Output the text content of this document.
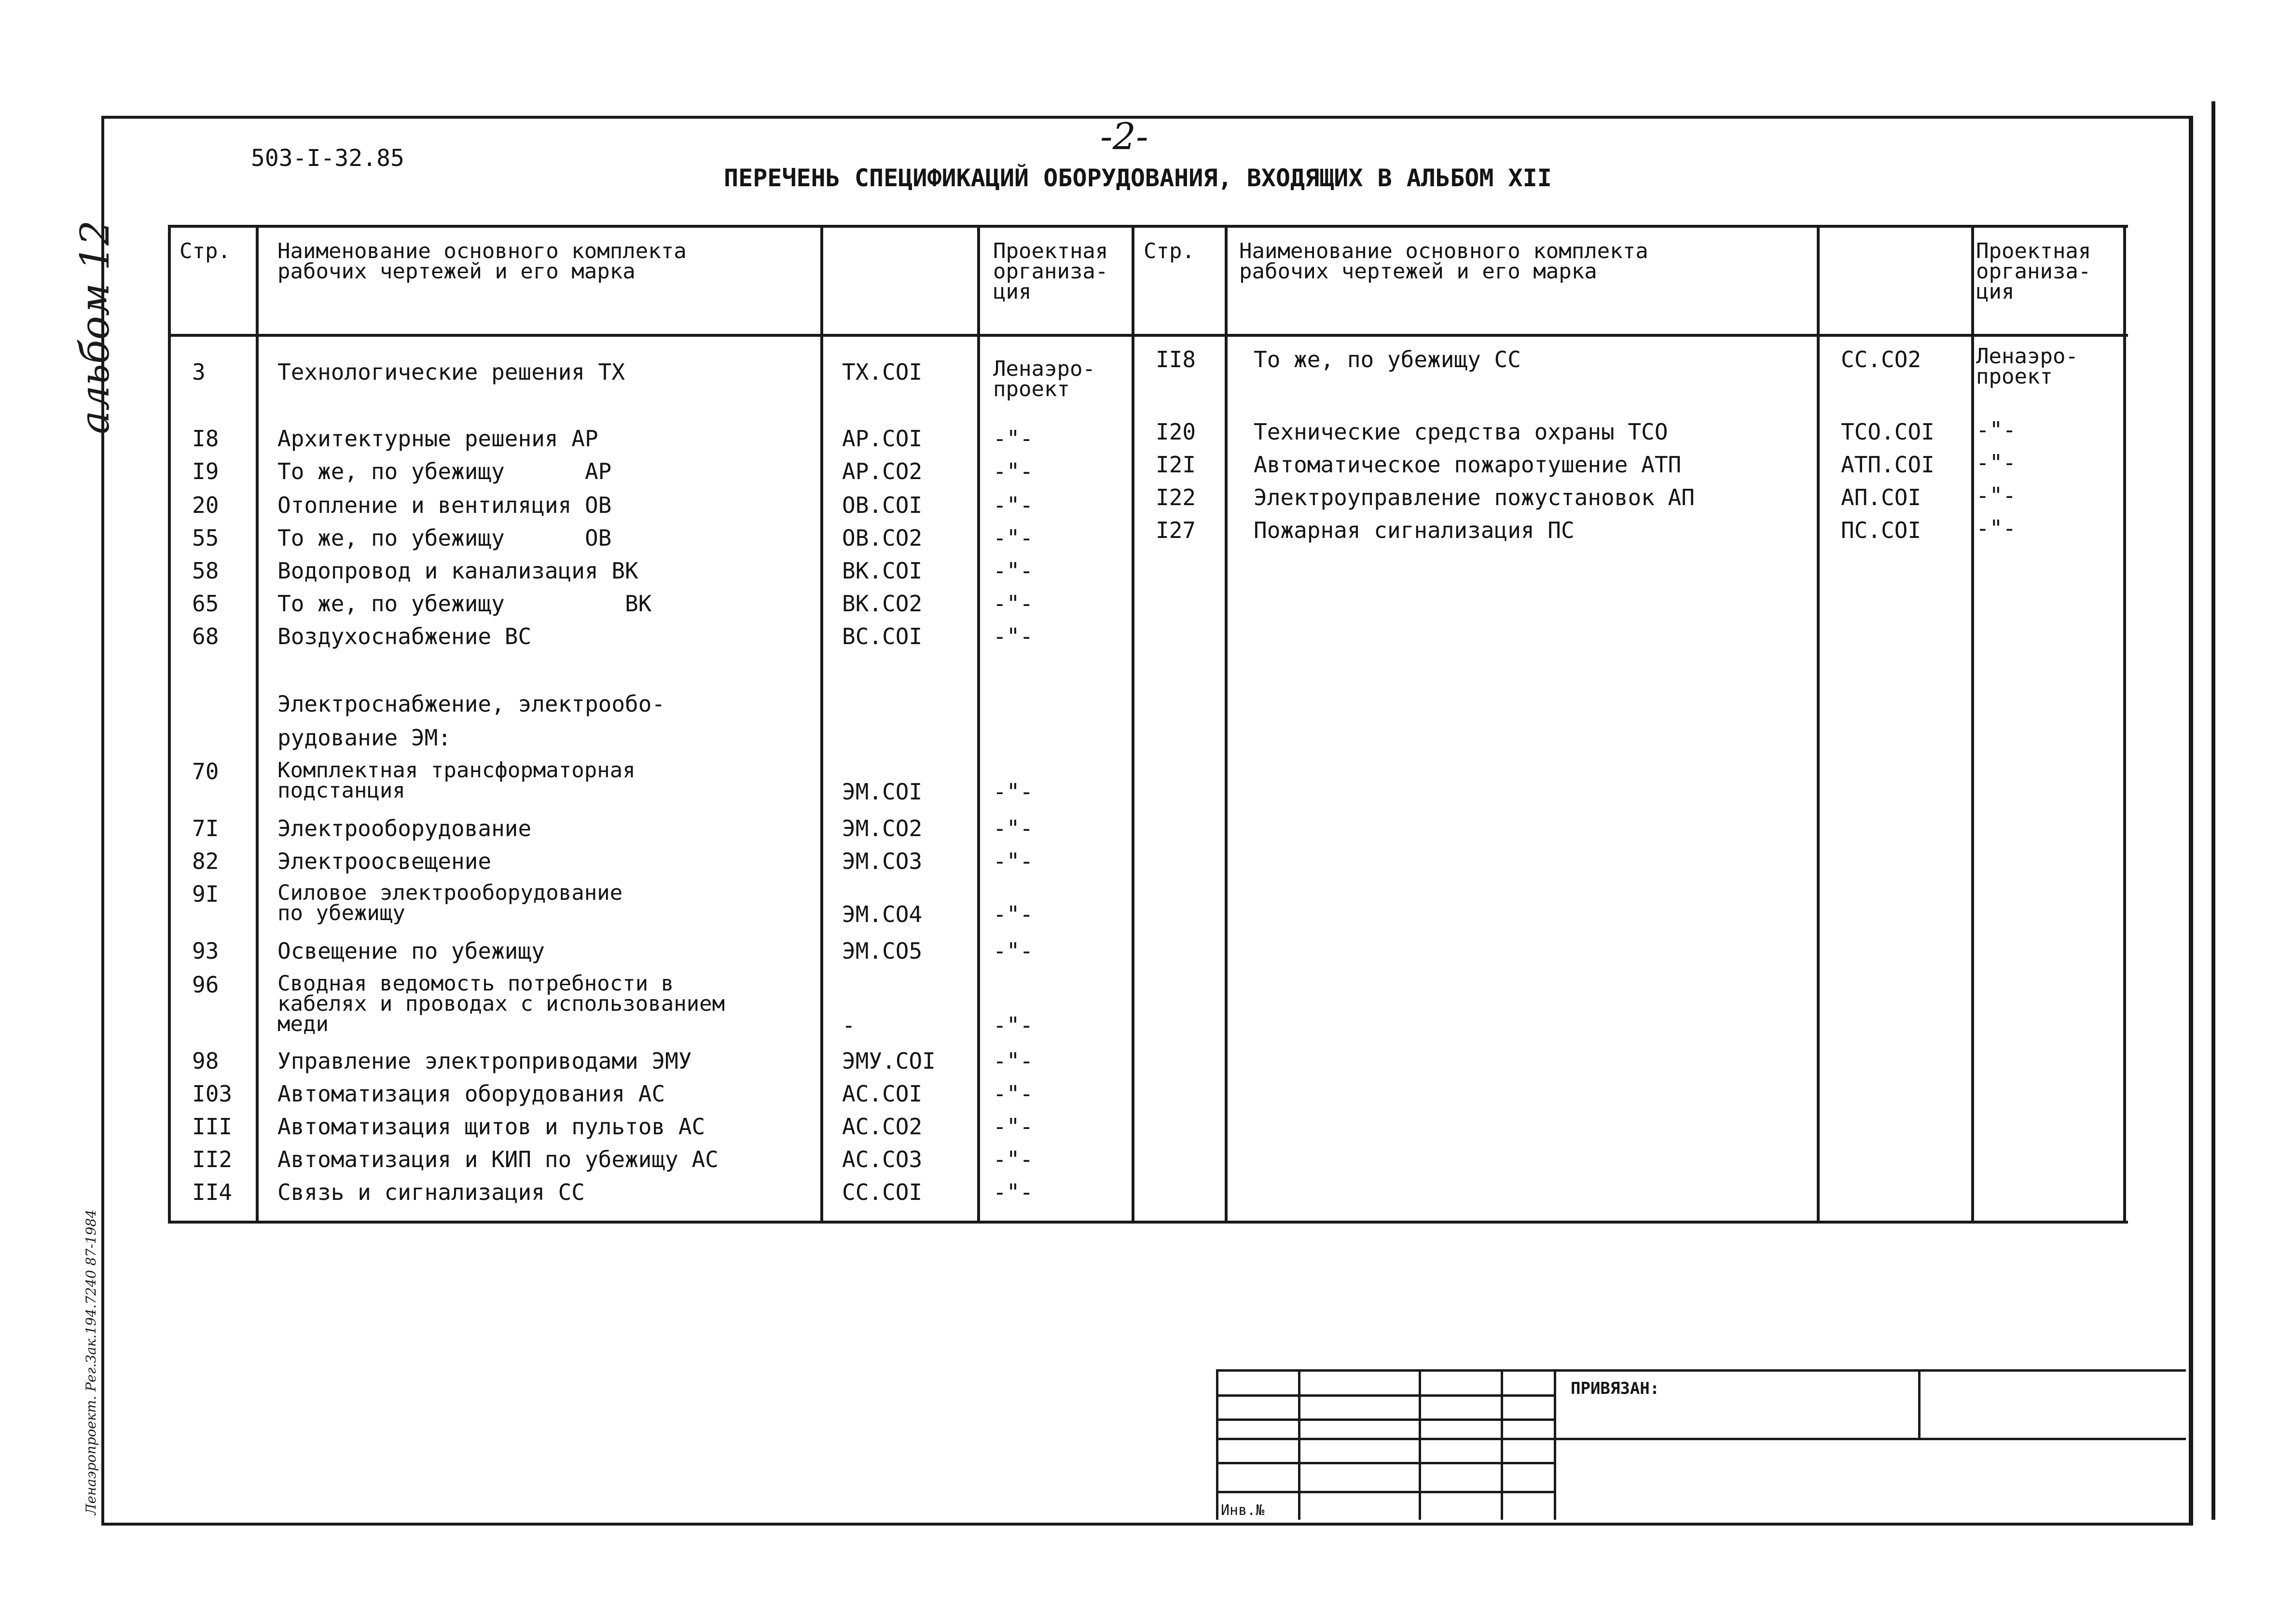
альбом 12
Ленаэропроект. Рег.Зак.194.7240 87-1984
503-I-32.85
-2-
ПЕРЕЧЕНЬ СПЕЦИФИКАЦИЙ ОБОРУДОВАНИЯ, ВХОДЯЩИХ В АЛЬБОМ XII
ПРИВЯЗАН:
Инв.№
Стр. Наименование основного комплекта
рабочих чертежей и его марка
Проектная
организа-
ция
Стр. Наименование основного комплекта
рабочих чертежей и его марка
Проектная
организа-
ция
3	Технологические решения ТХ	ТХ.СОI	Ленаэро-
проект
I8	Архитектурные решения АР	АР.СОI	-"-
I9	То же, по убежищу      АР	АР.СО2	-"-
20	Отопление и вентиляция ОВ	ОВ.СОI	-"-
55	То же, по убежищу      ОВ	ОВ.СО2	-"-
58	Водопровод и канализация ВК	ВК.СОI	-"-
65	То же, по убежищу         ВК	ВК.СО2	-"-
68	Воздухоснабжение ВС	ВС.СОI	-"-
Электроснабжение, электрообо-
рудование ЭМ:
70	Комплектная трансформаторная
подстанция	ЭМ.СОI	-"-
7I	Электрооборудование	ЭМ.СО2	-"-
82	Электроосвещение	ЭМ.СО3	-"-
9I	Силовое электрооборудование
по убежищу	ЭМ.СО4	-"-
93	Освещение по убежищу	ЭМ.СО5	-"-
96	Сводная ведомость потребности в
кабелях и проводах с использованием
меди	-	-"-
98	Управление электроприводами ЭМУ	ЭМУ.СОI	-"-
I03 Автоматизация оборудования АС	АС.СОI	-"-
III Автоматизация щитов и пультов АС	АС.СО2	-"-
II2 Автоматизация и КИП по убежищу АС	АС.СО3	-"-
II4 Связь и сигнализация СС	СС.СОI	-"-
II8	То же, по убежищу СС	СС.СО2	Ленаэро-
проект
I20	Технические средства охраны ТСО	ТСО.СОI -"-
I2I	Автоматическое пожаротушение АТП	АТП.СОI -"-
I22	Электроуправление пожустановок АП	АП.СОI -"-
I27	Пожарная сигнализация ПС	ПС.СОI -"-
